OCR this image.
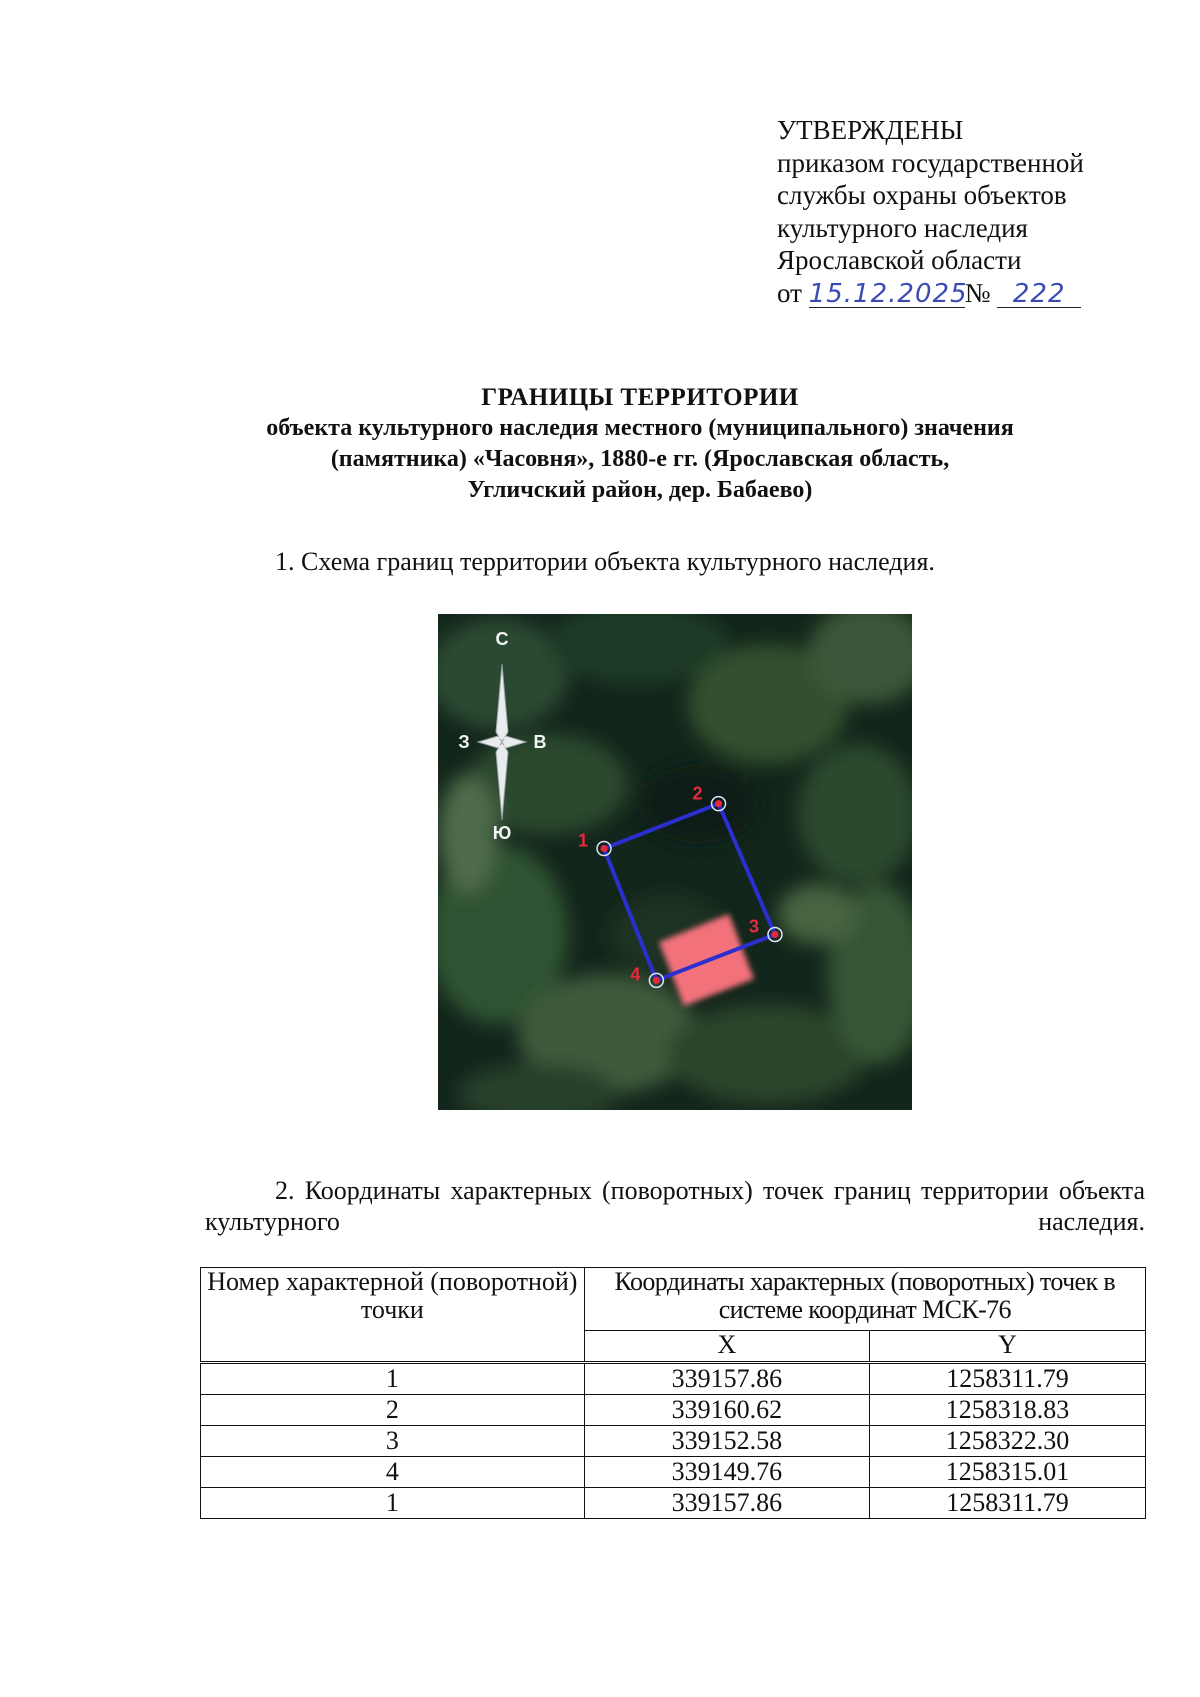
УТВЕРЖДЕНЫ
приказом государственной
службы охраны объектов
культурного наследия
Ярославской области
от 15.12.2025№ 222
ГРАНИЦЫ ТЕРРИТОРИИ
объекта культурного наследия местного (муниципального) значения
(памятника) «Часовня», 1880-е гг. (Ярославская область,
Угличский район, дер. Бабаево)
1. Схема границ территории объекта культурного наследия.
1
2
3
4
С
Ю
З	В
2. Координаты характерных (поворотных) точек границ территории объекта культурного наследия.
Номер характерной (поворотной) точки	Координаты характерных (поворотных) точек в системе координат МСК-76	
	X	Y
1	339157.86	1258311.79
2	339160.62	1258318.83
3	339152.58	1258322.30
4	339149.76	1258315.01
1	339157.86	1258311.79
